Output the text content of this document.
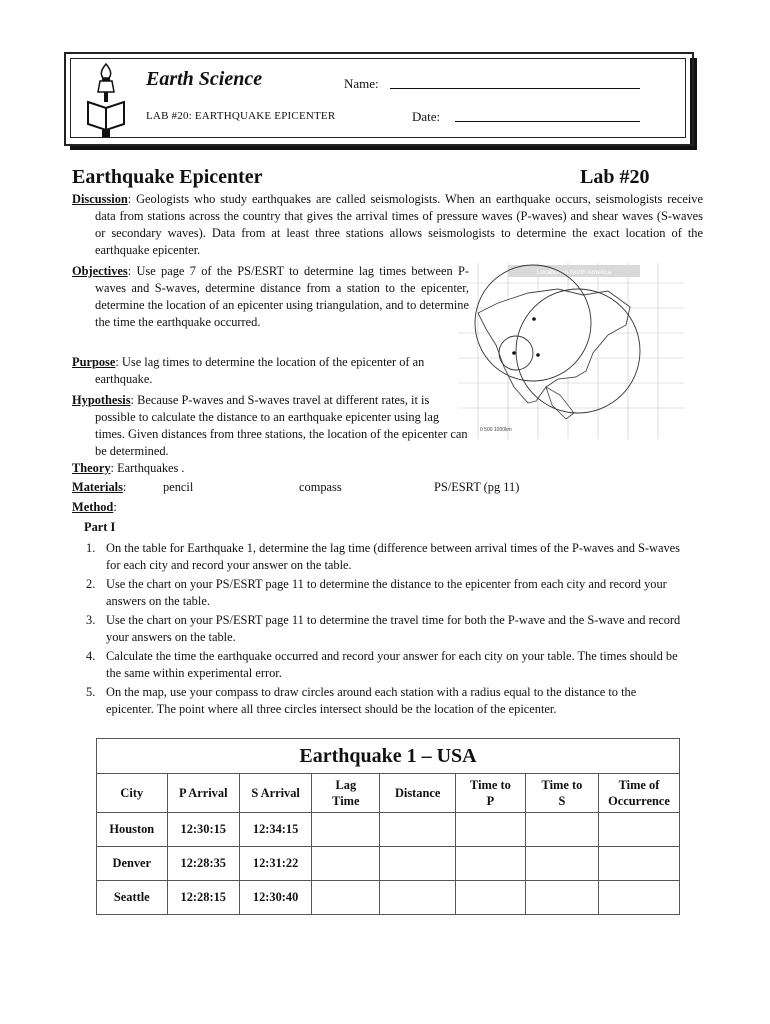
Earth Science
LAB #20: EARTHQUAKE EPICENTER
Name:
Date:
Earthquake Epicenter	Lab #20
Discussion: Geologists who study earthquakes are called seismologists. When an earthquake occurs, seismologists receive data from stations across the country that gives the arrival times of pressure waves (P-waves) and shear waves (S-waves or secondary waves). Data from at least three stations allows seismologists to determine the exact location of the earthquake epicenter.
Objectives: Use page 7 of the PS/ESRT to determine lag times between P-waves and S-waves, determine distance from a station to the epicenter, determine the location of an epicenter using triangulation, and to determine the time the earthquake occurred.
Purpose: Use lag times to determine the location of the epicenter of an earthquake.
Hypothesis: Because P-waves and S-waves travel at different rates, it is possible to calculate the distance to an earthquake epicenter using lag times. Given distances from three stations, the location of the epicenter can be determined.
Theory: Earthquakes .
Materials:	pencil	compass	PS/ESRT (pg 11)
Method:
Part I
Location in North America
0 500 1000km
1. On the table for Earthquake 1, determine the lag time (difference between arrival times of the P-waves and S-waves for each city and record your answer on the table.
2. Use the chart on your PS/ESRT page 11 to determine the distance to the epicenter from each city and record your answers on the table.
3. Use the chart on your PS/ESRT page 11 to determine the travel time for both the P-wave and the S-wave and record your answers on the table.
4. Calculate the time the earthquake occurred and record your answer for each city on your table. The times should be the same within experimental error.
5. On the map, use your compass to draw circles around each station with a radius equal to the distance to the epicenter. The point where all three circles intersect should be the location of the epicenter.
Earthquake 1 – USA							
City	P Arrival	S Arrival	Lag Time	Distance	Time to P	Time to S	Time of Occurrence
Houston	12:30:15	12:34:15					
Denver	12:28:35	12:31:22					
Seattle	12:28:15	12:30:40					
